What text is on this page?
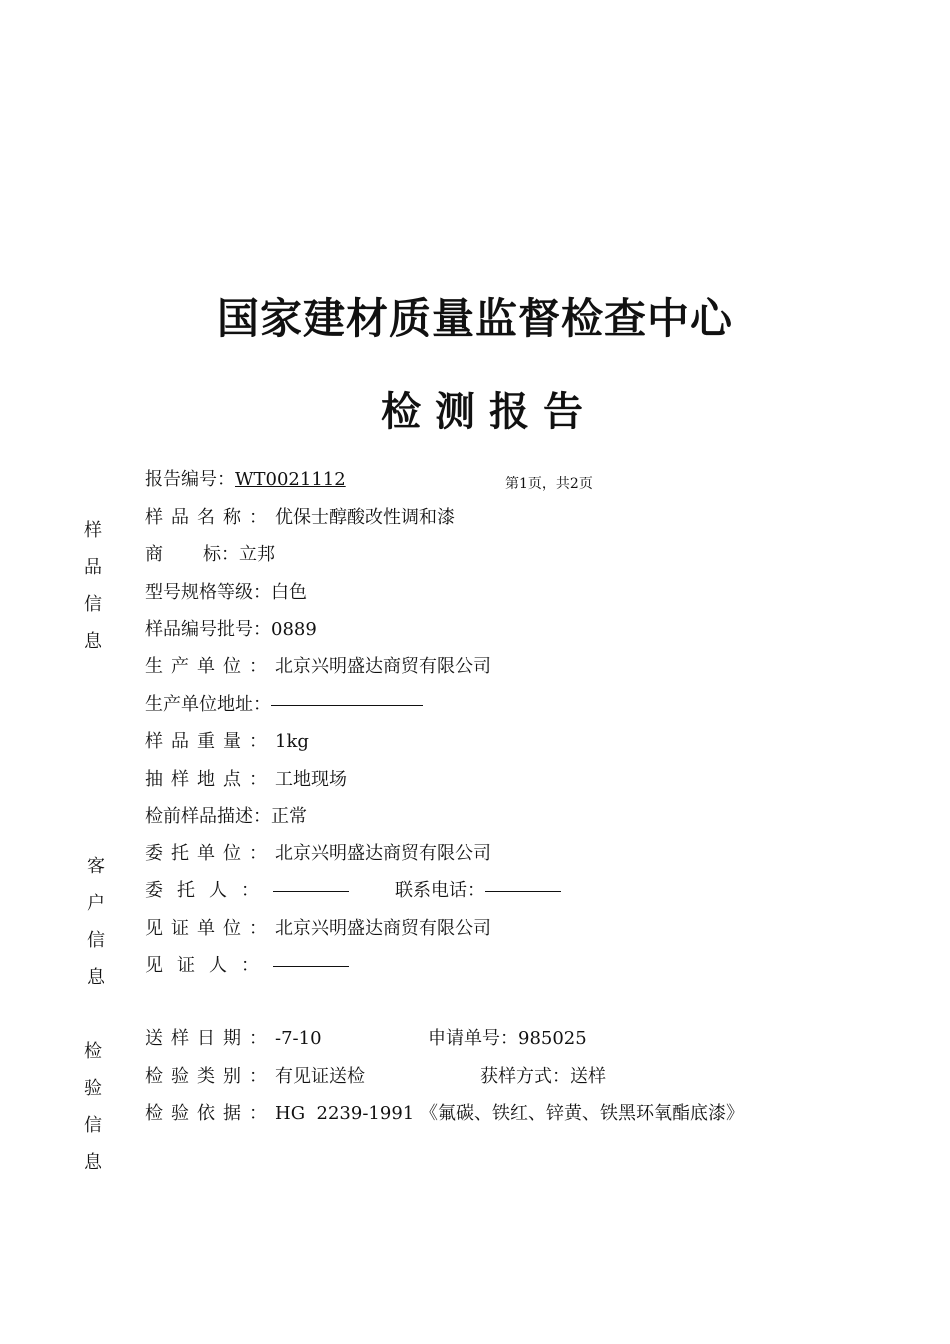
国家建材质量监督检查中心
检测报告
报告编号：WT0021112	第1页，共2页
样
品
信
息
样品名称：优保士醇酸改性调和漆
商 标：立邦
型号规格等级：白色
样品编号批号：0889
生产单位：北京兴明盛达商贸有限公司
生产单位地址：
样品重量：1kg
抽样地点：工地现场
检前样品描述：正常
客
户
信
息
委托单位：北京兴明盛达商贸有限公司
委托人：	联系电话：
见证单位：北京兴明盛达商贸有限公司
见证人：
检
验
信
息
送样日期：-7-10	申请单号：985025
检验类别：有见证送检	获样方式：送样
检验依据：HG  2239-1991 《氟碳、铁红、锌黄、铁黑环氧酯底漆》
